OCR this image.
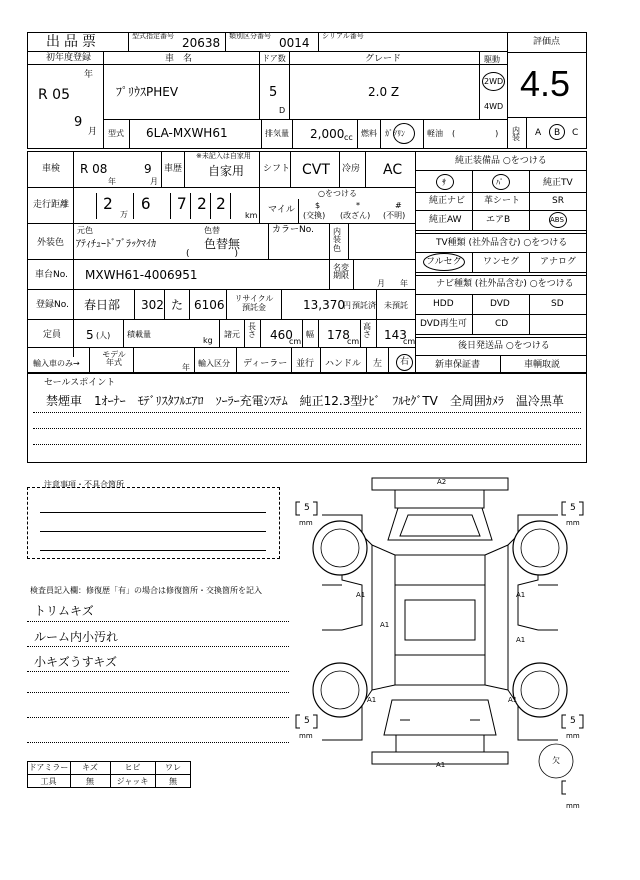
出品票	型式指定番号 20638 類別区分番号 0014 シリアル番号
評価点
4.5
初年度登録
年
R 05
9
月
車　名
ﾌﾟﾘｳｽPHEV
ドア数
5
D
グレード
2.0 Z
駆動
2WD
4WD
型式 6LA-MXWH61	排気量 2,000 cc 燃料 ｶﾞｿﾘﾝ	軽油 (　　　　　) 内装 A B C
車検 R 08
年
9
月
車歴
※未記入は自家用
自家用 シフト CVT 冷房 AC
走行距離 2
万
6 7 2 2
km
マイル
○をつける
$
(交換)
*
(改ざん)
#
(不明)
外装色
元色
ｱﾃｨﾁｭｰﾄﾞﾌﾞﾗｯｸﾏｲｶ
色替
色替無
(　　　　　)
カラーNo. 内装色
車台No. MXWH61-4006951
名変期限
月 年
登録No. 春日部 302 た 6106	リサイクル預託金	13,370
円 預託済 未預託
定員 5 (人) 積載量
kg
諸元
長さ 460
cm
幅 178
cm
高さ 143
cm
輸入車のみ→
モデル年式
年 輸入区分 ディーラー 並行 ハンドル 左 右
純正装備品 ○をつける
ｻ	ﾊﾟ	純正TV
純正ナビ 革シート	SR
純正AW	エアB	ABS
TV種類 (社外品含む) ○をつける
フルセグ ワンセグ アナログ
ナビ種類 (社外品含む) ○をつける
HDD	DVD	SD
DVD再生可	CD
後日発送品 ○をつける
新車保証書	車輌取説
セールスポイント
禁煙車　1ｵｰﾅｰ　ﾓﾃﾞﾘｽﾀﾌﾙｴｱﾛ　ｿｰﾗｰ充電ｼｽﾃﾑ　純正12.3型ﾅﾋﾞ　ﾌﾙｾｸﾞTV　全周囲ｶﾒﾗ　温冷黒革
注意事項・不具合箇所
検査員記入欄：修復歴「有」の場合は修復箇所・交換箇所を記入
トリムキズ
ルーム内小汚れ
小キズうすキズ
ドアミラー	キズ	ヒビ	ワレ
工具	無	ジャッキ	無
A2
A1	A1
A1
A1
A1	A1
A1
5
mm
5
mm
5
mm
5
mm
欠
mm
